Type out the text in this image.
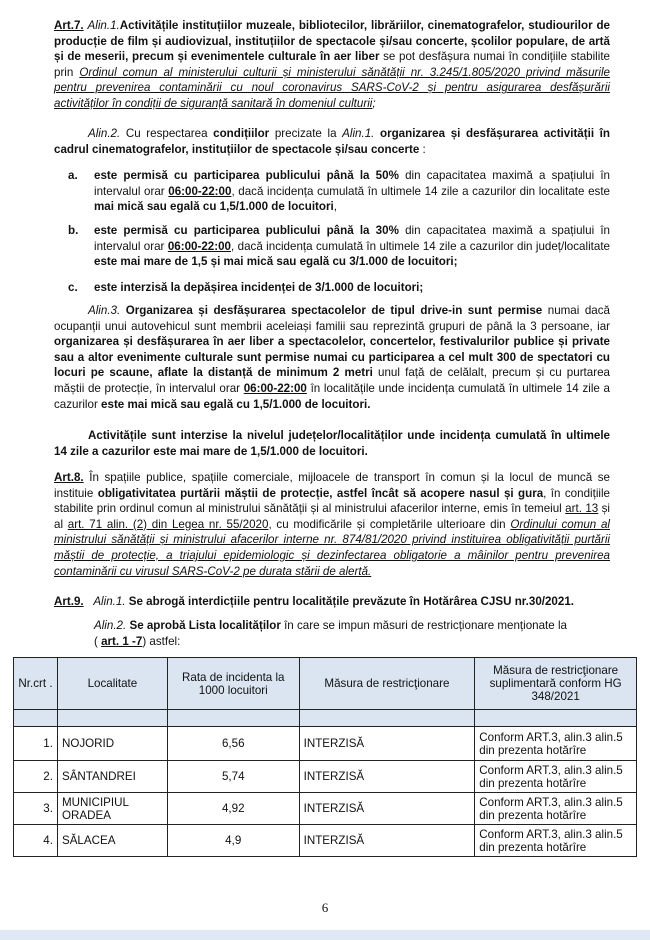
Art.7. Alin.1.Activitățile instituțiilor muzeale, bibliotecilor, librăriilor, cinematografelor, studiourilor de producție de film și audiovizual, instituțiilor de spectacole și/sau concerte, școlilor populare, de artă și de meserii, precum și evenimentele culturale în aer liber se pot desfășura numai în condițiile stabilite prin Ordinul comun al ministerului culturii și ministerului sănătății nr. 3.245/1.805/2020 privind măsurile pentru prevenirea contaminării cu noul coronavirus SARS-CoV-2 și pentru asigurarea desfășurării activităților în condiții de siguranță sanitară în domeniul culturii;
Alin.2. Cu respectarea condițiilor precizate la Alin.1. organizarea și desfășurarea activității în cadrul cinematografelor, instituțiilor de spectacole și/sau concerte :
a. este permisă cu participarea publicului până la 50% din capacitatea maximă a spațiului în intervalul orar 06:00-22:00, dacă incidența cumulată în ultimele 14 zile a cazurilor din localitate este mai mică sau egală cu 1,5/1.000 de locuitori,
b. este permisă cu participarea publicului până la 30% din capacitatea maximă a spațiului în intervalul orar 06:00-22:00, dacă incidența cumulată în ultimele 14 zile a cazurilor din județ/localitate este mai mare de 1,5 și mai mică sau egală cu 3/1.000 de locuitori;
c. este interzisă la depășirea incidenței de 3/1.000 de locuitori;
Alin.3. Organizarea și desfășurarea spectacolelor de tipul drive-in sunt permise numai dacă ocupanții unui autovehicul sunt membrii aceleiași familii sau reprezintă grupuri de până la 3 persoane, iar organizarea și desfășurarea în aer liber a spectacolelor, concertelor, festivalurilor publice și private sau a altor evenimente culturale sunt permise numai cu participarea a cel mult 300 de spectatori cu locuri pe scaune, aflate la distanță de minimum 2 metri unul față de celălalt, precum și cu purtarea măștii de protecție, în intervalul orar 06:00-22:00 în localitățile unde incidența cumulată în ultimele 14 zile a cazurilor este mai mică sau egală cu 1,5/1.000 de locuitori.
Activitățile sunt interzise la nivelul județelor/localităților unde incidența cumulată în ultimele 14 zile a cazurilor este mai mare de 1,5/1.000 de locuitori.
Art.8. În spațiile publice, spațiile comerciale, mijloacele de transport în comun și la locul de muncă se instituie obligativitatea purtării măștii de protecție, astfel încât să acopere nasul și gura, în condițiile stabilite prin ordinul comun al ministrului sănătății și al ministrului afacerilor interne, emis în temeiul art. 13 și al art. 71 alin. (2) din Legea nr. 55/2020, cu modificările și completările ulterioare din Ordinului comun al ministrului sănătății și ministrului afacerilor interne nr. 874/81/2020 privind instituirea obligativității purtării măștii de protecție, a triajului epidemiologic și dezinfectarea obligatorie a mâinilor pentru prevenirea contaminării cu virusul SARS-CoV-2 pe durata stării de alertă.
Art.9. Alin.1. Se abrogă interdicțiile pentru localitățile prevăzute în Hotărârea CJSU nr.30/2021.
Alin.2. Se aprobă Lista localităților în care se impun măsuri de restricționare menționate la
( art. 1 -7) astfel:
Nr.crt .	Localitate	Rata de incidenta la 1000 locuitori	Măsura de restricţionare	Măsura de restricţionare suplimentară conform HG 348/2021

1.	NOJORID	6,56	INTERZISĂ	Conform ART.3, alin.3 alin.5 din prezenta hotărîre
2.	SÂNTANDREI	5,74	INTERZISĂ	Conform ART.3, alin.3 alin.5 din prezenta hotărîre
3.	MUNICIPIUL ORADEA	4,92	INTERZISĂ	Conform ART.3, alin.3 alin.5 din prezenta hotărîre
4.	SĂLACEA	4,9	INTERZISĂ	Conform ART.3, alin.3 alin.5 din prezenta hotărîre
6
